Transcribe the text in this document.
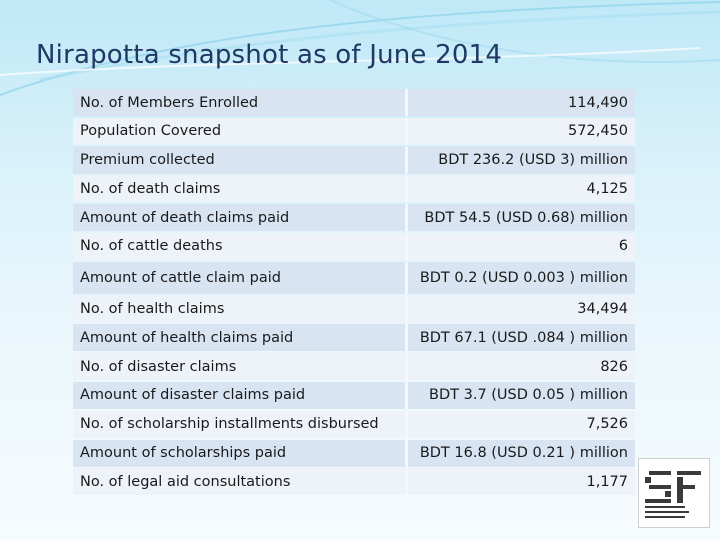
Nirapotta snapshot as of June 2014
No. of Members Enrolled	114,490
Population Covered	572,450
Premium collected	BDT 236.2 (USD 3) million
No. of death claims	4,125
Amount of death claims paid	BDT 54.5 (USD 0.68) million
No. of cattle deaths	6
Amount of cattle claim paid	BDT 0.2 (USD 0.003 ) million
No. of health claims	34,494
Amount of health claims paid	BDT 67.1 (USD .084 ) million
No. of disaster claims	826
Amount of disaster claims paid	BDT 3.7 (USD 0.05 ) million
No. of scholarship installments disbursed	7,526
Amount of scholarships paid	BDT 16.8 (USD 0.21 ) million
No. of legal aid consultations	1,177
